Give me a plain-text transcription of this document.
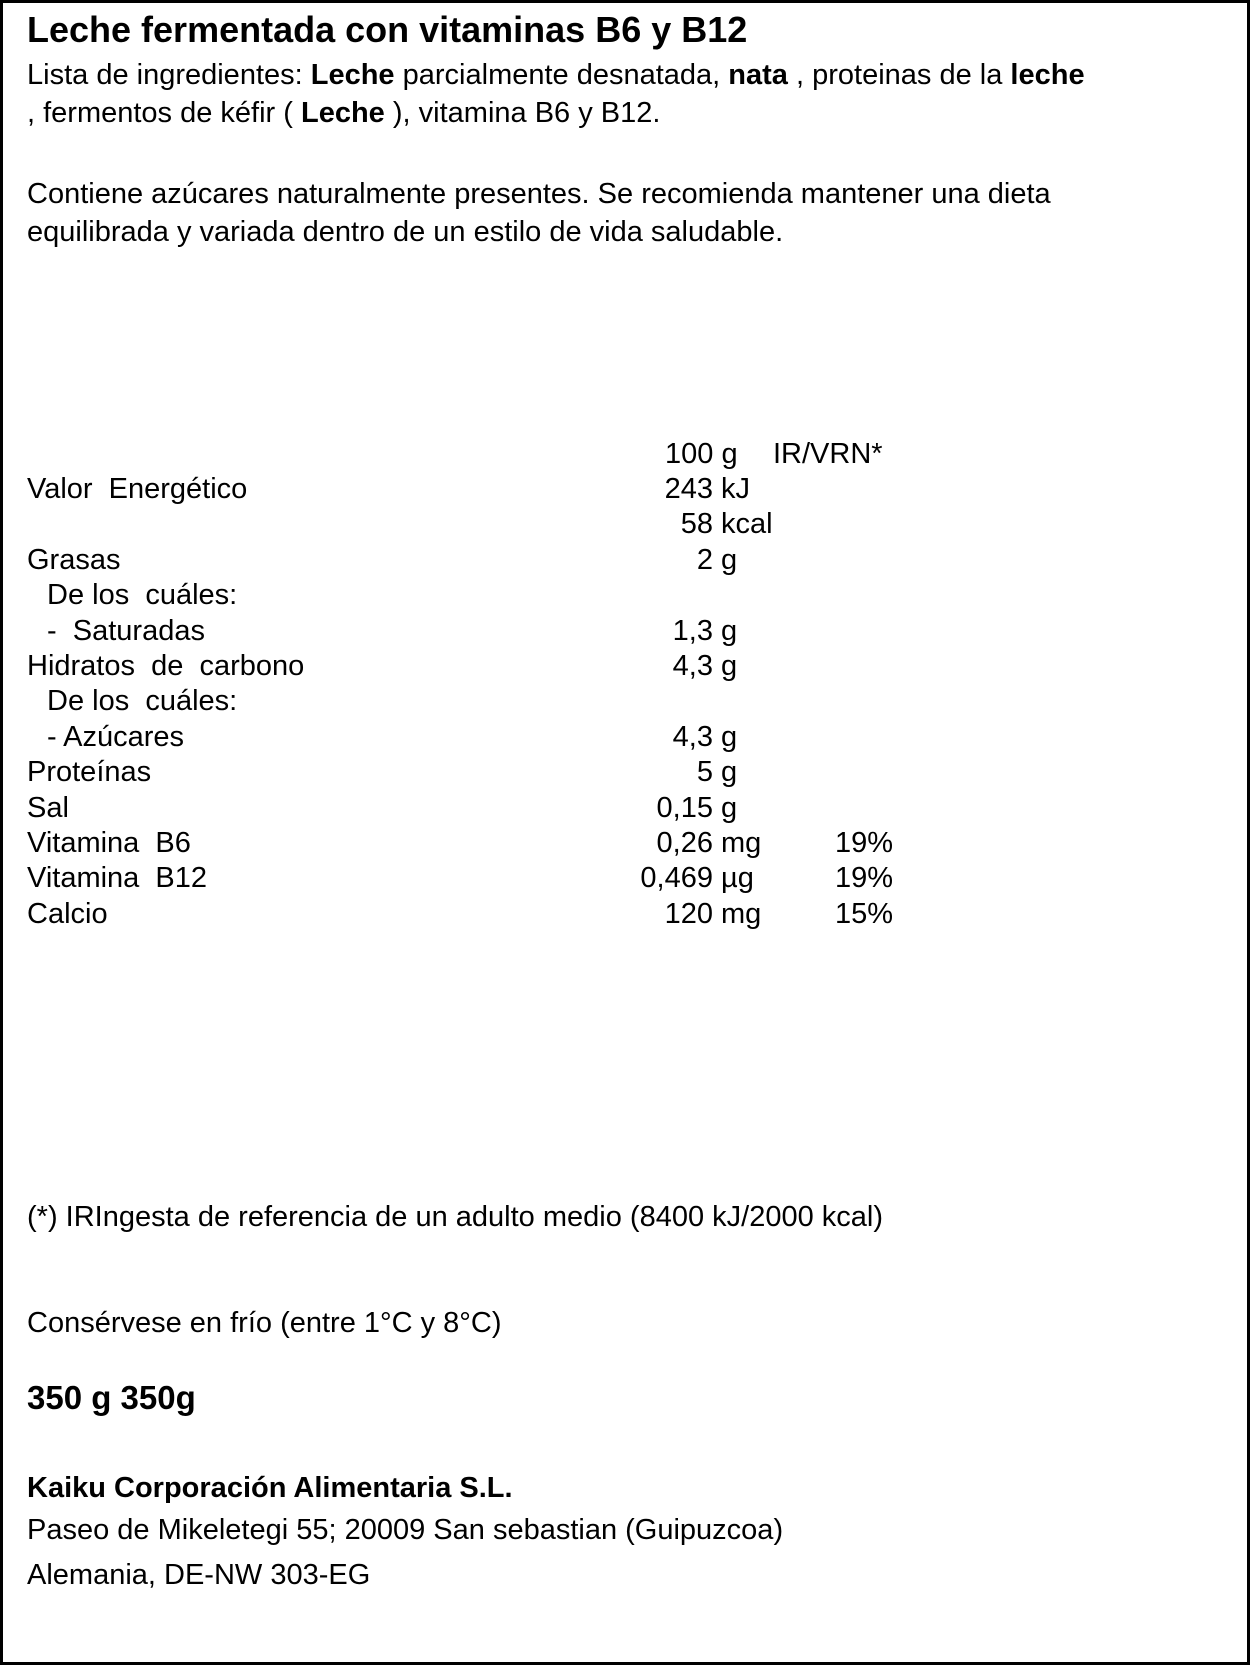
Leche fermentada con vitaminas B6 y B12
Lista de ingredientes: Leche parcialmente desnatada, nata , proteinas de la leche
, fermentos de kéfir ( Leche ), vitamina B6 y B12.
Contiene azúcares naturalmente presentes. Se recomienda mantener una dieta
equilibrada y variada dentro de un estilo de vida saludable.
100 g IR/VRN*
Valor  Energético	243 kJ
58 kcal
Grasas	2 g
De los  cuáles:
-  Saturadas	1,3 g
Hidratos  de  carbono	4,3 g
De los  cuáles:
- Azúcares	4,3 g
Proteínas	5 g
Sal	0,15 g
Vitamina  B6	0,26 mg	19%
Vitamina  B12	0,469 µg	19%
Calcio	120 mg	15%
(*) IRIngesta de referencia de un adulto medio (8400 kJ/2000 kcal)
Consérvese en frío (entre 1°C y 8°C)
350 g 350g
Kaiku Corporación Alimentaria S.L.
Paseo de Mikeletegi 55; 20009 San sebastian (Guipuzcoa)
Alemania, DE-NW 303-EG
